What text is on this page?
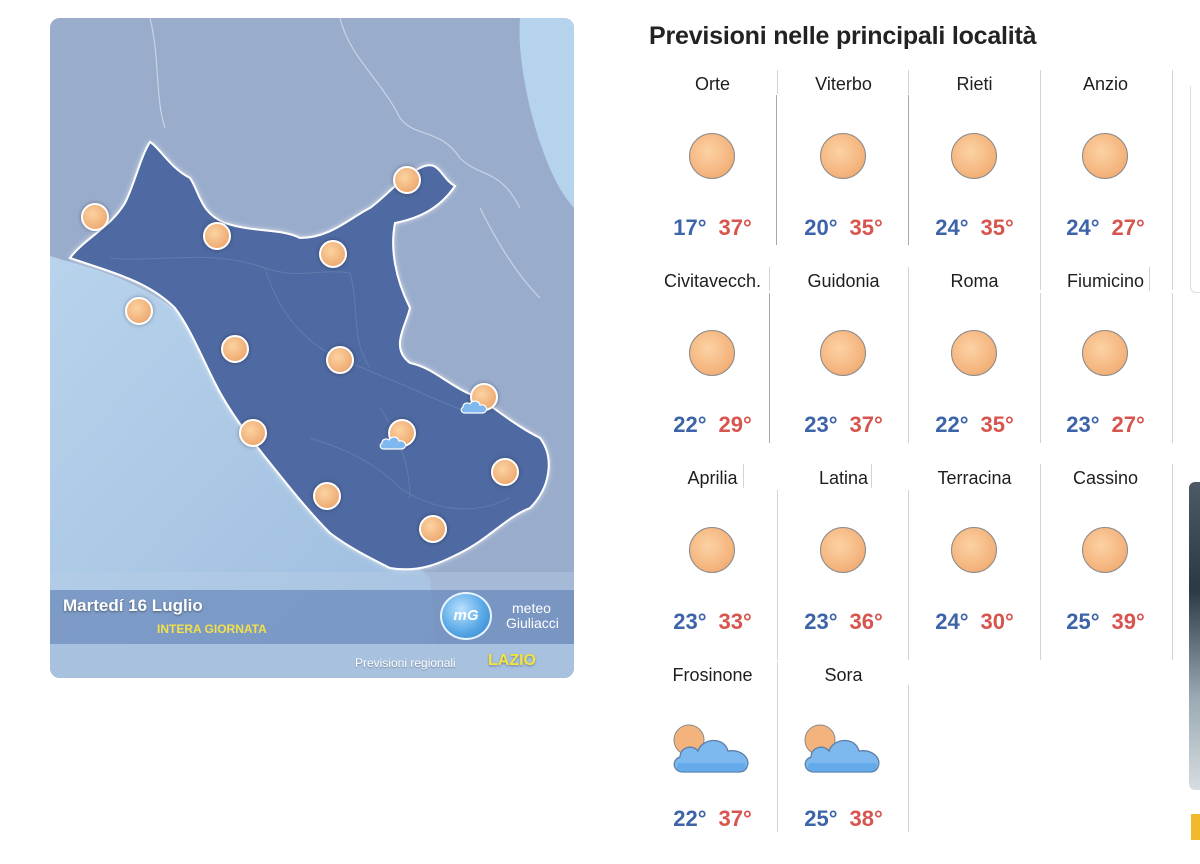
Martedí 16 Luglio
INTERA GIORNATA
mG	meteo
Giuliacci
Previsioni regionali LAZIO
Previsioni nelle principali località
Orte
17° 37°
Viterbo
20° 35°
Rieti
24° 35°
Anzio
24° 27°
Civitavecch.
22° 29°
Guidonia
23° 37°
Roma
22° 35°
Fiumicino
23° 27°
Aprilia
23° 33°
Latina
23° 36°
Terracina
24° 30°
Cassino
25° 39°
Frosinone
22° 37°
Sora
25° 38°
